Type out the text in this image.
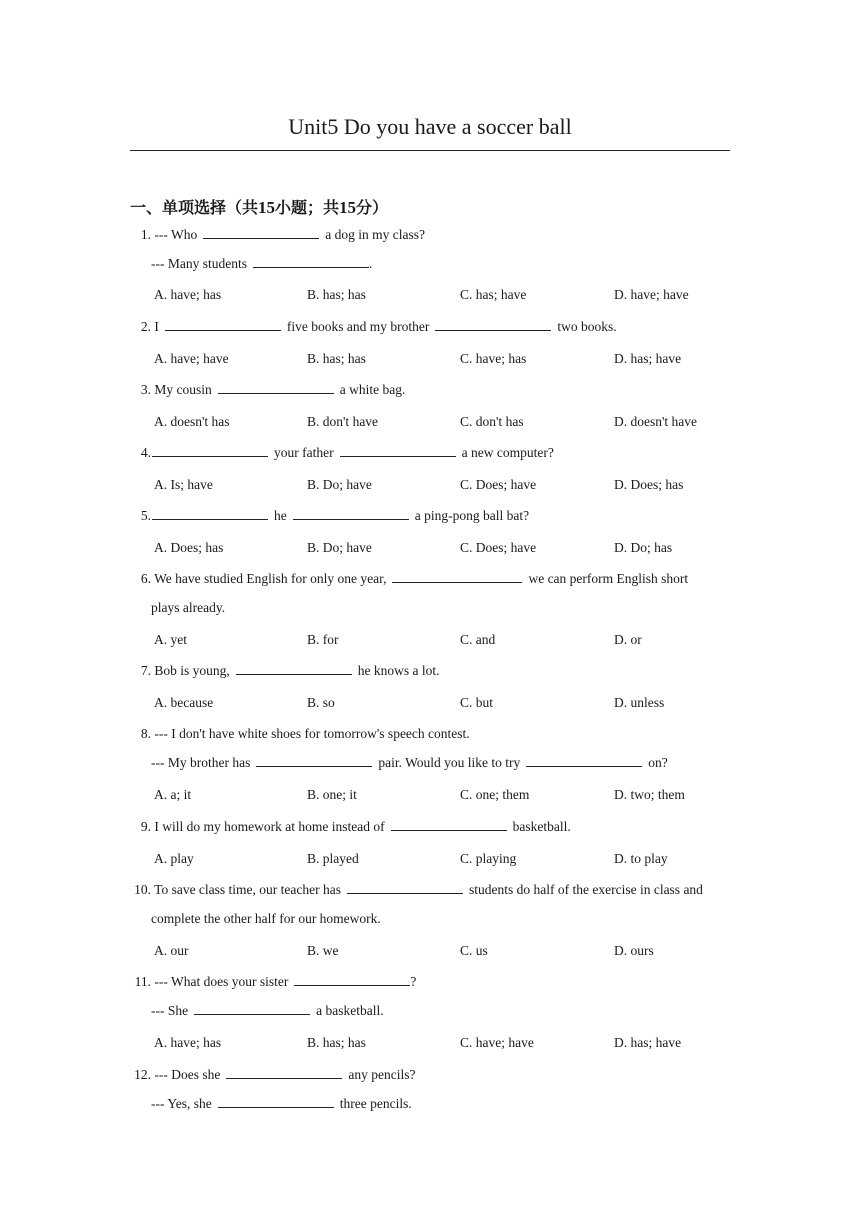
Unit5 Do you have a soccer ball
一、单项选择（共15小题；共15分）
1. --- Who	a dog in my class?
--- Many students	.
A. have; has	B. has; has	C. has; have	D. have; have
2. I	five books and my brother	two books.
A. have; have	B. has; has	C. have; has	D. has; have
3. My cousin	a white bag.
A. doesn't has	B. don't have	C. don't has	D. doesn't have
4.	your father	a new computer?
A. Is; have	B. Do; have	C. Does; have	D. Does; has
5.	he	a ping-pong ball bat?
A. Does; has	B. Do; have	C. Does; have	D. Do; has
6. We have studied English for only one year,	we can perform English short
plays already.
A. yet	B. for	C. and	D. or
7. Bob is young,	he knows a lot.
A. because	B. so	C. but	D. unless
8. --- I don't have white shoes for tomorrow's speech contest.
--- My brother has	pair. Would you like to try	on?
A. a; it	B. one; it	C. one; them	D. two; them
9. I will do my homework at home instead of	basketball.
A. play	B. played	C. playing	D. to play
10. To save class time, our teacher has	students do half of the exercise in class and
complete the other half for our homework.
A. our	B. we	C. us	D. ours
11. --- What does your sister	?
--- She	a basketball.
A. have; has	B. has; has	C. have; have	D. has; have
12. --- Does she	any pencils?
--- Yes, she	three pencils.
